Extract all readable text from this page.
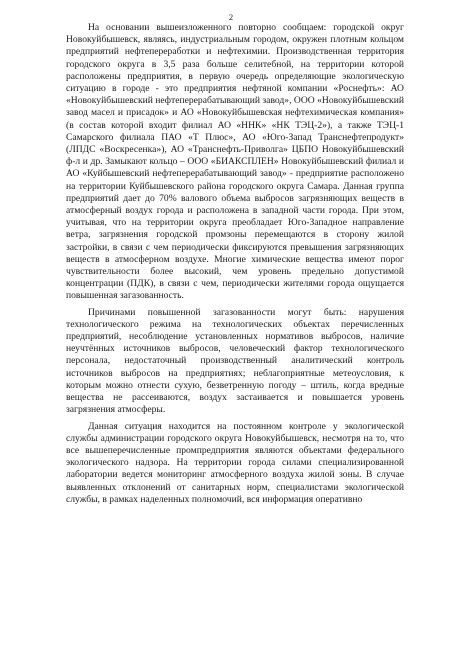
2

На основании вышеизложенного повторно сообщаем: городской округ Новокуйбышевск, являясь, индустриальным городом, окружен плотным кольцом предприятий нефтепереработки и нефтехимии. Производственная территория городского округа в 3,5 раза больше селитебной, на территории которой расположены предприятия, в первую очередь определяющие экологическую ситуацию в городе - это предприятия нефтяной компании «Роснефть»: АО «Новокуйбышевский нефтеперерабатывающий завод», ООО «Новокуйбышевский завод масел и присадок» и АО «Новокуйбышевская нефтехимическая компания» (в состав которой входит филиал АО «ННК» «НК ТЭЦ-2»), а также ТЭЦ-1 Самарского филиала ПАО «Т Плюс», АО «Юго-Запад Транснефтепродукт» (ЛПДС «Воскресенка»), АО «Транснефть-Приволга» ЦБПО Новокуйбышевский ф-л и др. Замыкают кольцо – ООО «БИАКСПЛЕН» Новокуйбышевский филиал и АО «Куйбышевский нефтеперерабатывающий завод» - предприятие расположено на территории Куйбышевского района городского округа Самара. Данная группа предприятий дает до 70% валового объема выбросов загрязняющих веществ в атмосферный воздух города и расположена в западной части города. При этом, учитывая, что на территории округа преобладает Юго-Западное направление ветра, загрязнения городской промзоны перемещаются в сторону жилой застройки, в связи с чем периодически фиксируются превышения загрязняющих веществ в атмосферном воздухе. Многие химические вещества имеют порог чувствительности более высокий, чем уровень предельно допустимой концентрации (ПДК), в связи с чем, периодически жителями города ощущается повышенная загазованность.

Причинами повышенной загазованности могут быть: нарушения технологического режима на технологических объектах перечисленных предприятий, несоблюдение установленных нормативов выбросов, наличие неучтённых источников выбросов, человеческий фактор технологического персонала, недостаточный производственный аналитический контроль источников выбросов на предприятиях; неблагоприятные метеоусловия, к которым можно отнести сухую, безветренную погоду – штиль, когда вредные вещества не рассеиваются, воздух застаивается и повышается уровень загрязнения атмосферы.

Данная ситуация находится на постоянном контроле у экологической службы администрации городского округа Новокуйбышевск, несмотря на то, что все вышеперечисленные промпредприятия являются объектами федерального экологического надзора. На территории города силами специализированной лаборатории ведется мониторинг атмосферного воздуха жилой зоны. В случае выявленных отклонений от санитарных норм, специалистами экологической службы, в рамках наделенных полномочий, вся информация оперативно
